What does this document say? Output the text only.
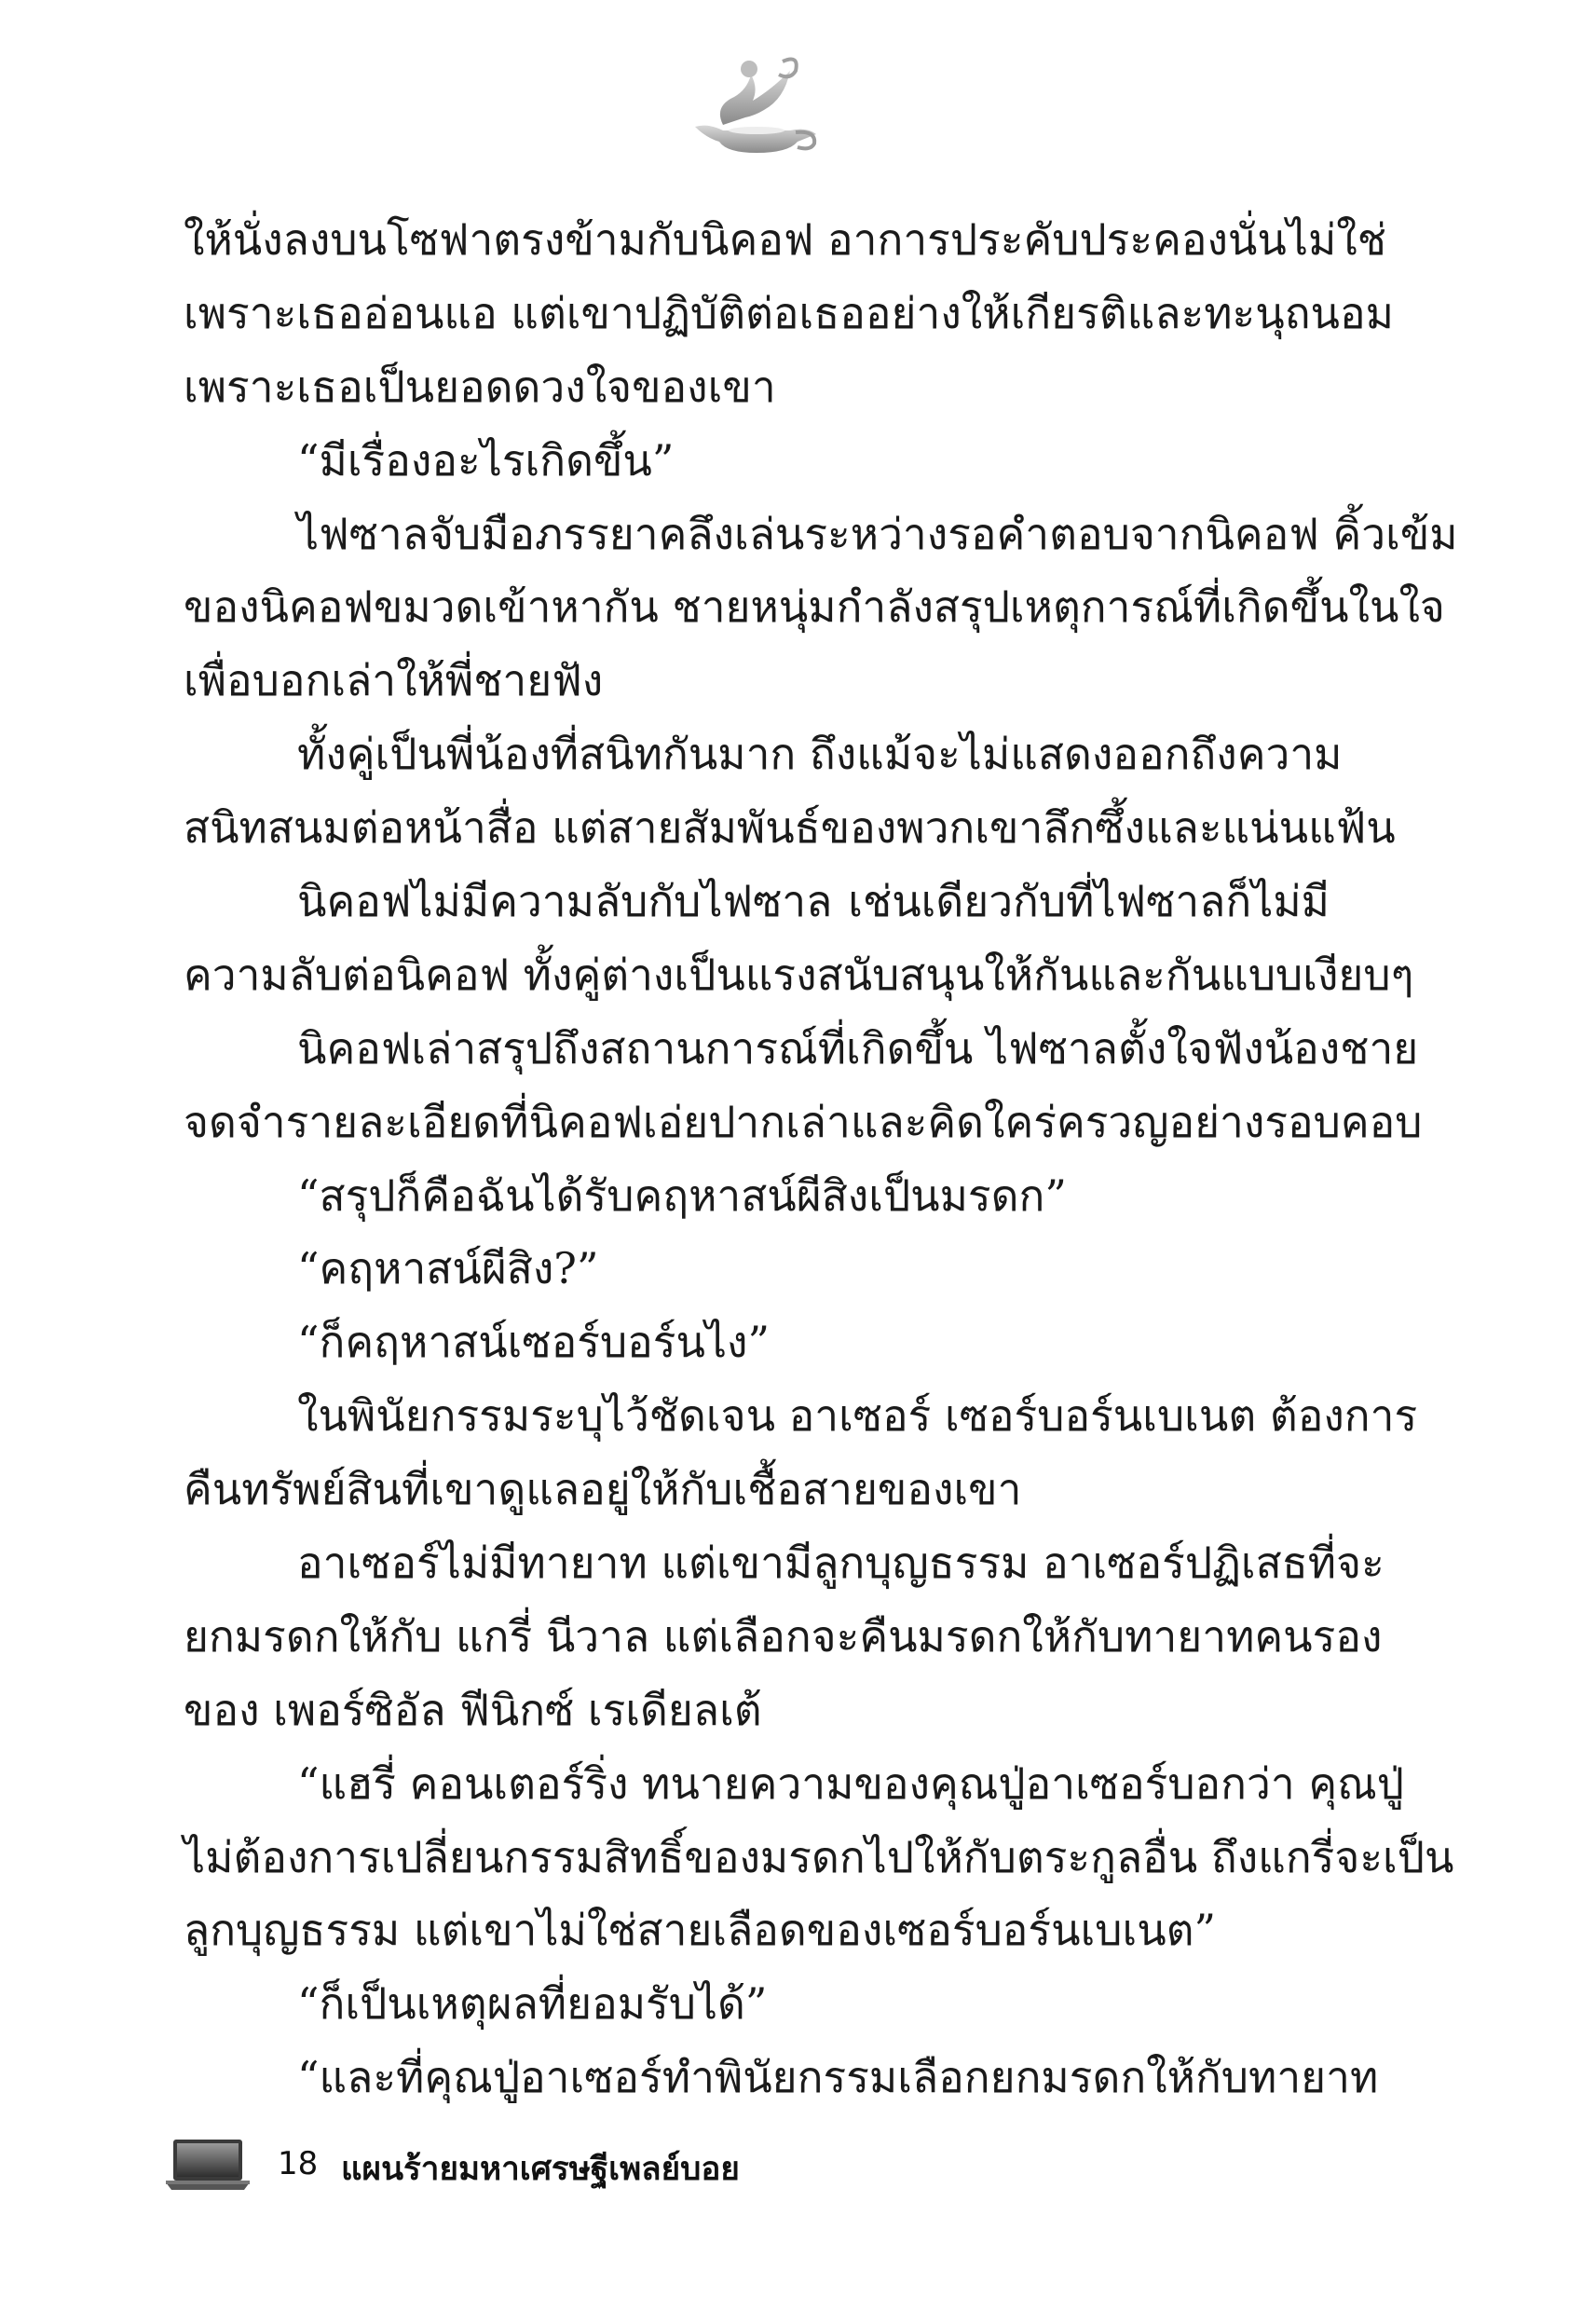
ให้นั่งลงบนโซฟาตรงข้ามกับนิคอฟ อาการประคับประคองนั่นไม่ใช่
เพราะเธออ่อนแอ แต่เขาปฏิบัติต่อเธออย่างให้เกียรติและทะนุถนอม
เพราะเธอเป็นยอดดวงใจของเขา
“มีเรื่องอะไรเกิดขึ้น”
ไฟซาลจับมือภรรยาคลึงเล่นระหว่างรอคำตอบจากนิคอฟ คิ้วเข้ม
ของนิคอฟขมวดเข้าหากัน ชายหนุ่มกำลังสรุปเหตุการณ์ที่เกิดขึ้นในใจ
เพื่อบอกเล่าให้พี่ชายฟัง
ทั้งคู่เป็นพี่น้องที่สนิทกันมาก ถึงแม้จะไม่แสดงออกถึงความ
สนิทสนมต่อหน้าสื่อ แต่สายสัมพันธ์ของพวกเขาลึกซึ้งและแน่นแฟ้น
นิคอฟไม่มีความลับกับไฟซาล เช่นเดียวกับที่ไฟซาลก็ไม่มี
ความลับต่อนิคอฟ ทั้งคู่ต่างเป็นแรงสนับสนุนให้กันและกันแบบเงียบๆ
นิคอฟเล่าสรุปถึงสถานการณ์ที่เกิดขึ้น ไฟซาลตั้งใจฟังน้องชาย
จดจำรายละเอียดที่นิคอฟเอ่ยปากเล่าและคิดใคร่ครวญอย่างรอบคอบ
“สรุปก็คือฉันได้รับคฤหาสน์ผีสิงเป็นมรดก”
“คฤหาสน์ผีสิง?”
“ก็คฤหาสน์เซอร์บอร์นไง”
ในพินัยกรรมระบุไว้ชัดเจน อาเซอร์ เซอร์บอร์นเบเนต ต้องการ
คืนทรัพย์สินที่เขาดูแลอยู่ให้กับเชื้อสายของเขา
อาเซอร์ไม่มีทายาท แต่เขามีลูกบุญธรรม อาเซอร์ปฏิเสธที่จะ
ยกมรดกให้กับ แกรี่ นีวาล แต่เลือกจะคืนมรดกให้กับทายาทคนรอง
ของ เพอร์ซิอัล ฟีนิกซ์ เรเดียลเต้
“แฮรี่ คอนเตอร์ริ่ง ทนายความของคุณปู่อาเซอร์บอกว่า คุณปู่
ไม่ต้องการเปลี่ยนกรรมสิทธิ์ของมรดกไปให้กับตระกูลอื่น ถึงแกรี่จะเป็น
ลูกบุญธรรม แต่เขาไม่ใช่สายเลือดของเซอร์บอร์นเบเนต”
“ก็เป็นเหตุผลที่ยอมรับได้”
“และที่คุณปู่อาเซอร์ทำพินัยกรรมเลือกยกมรดกให้กับทายาท
18 แผนร้ายมหาเศรษฐีเพลย์บอย
